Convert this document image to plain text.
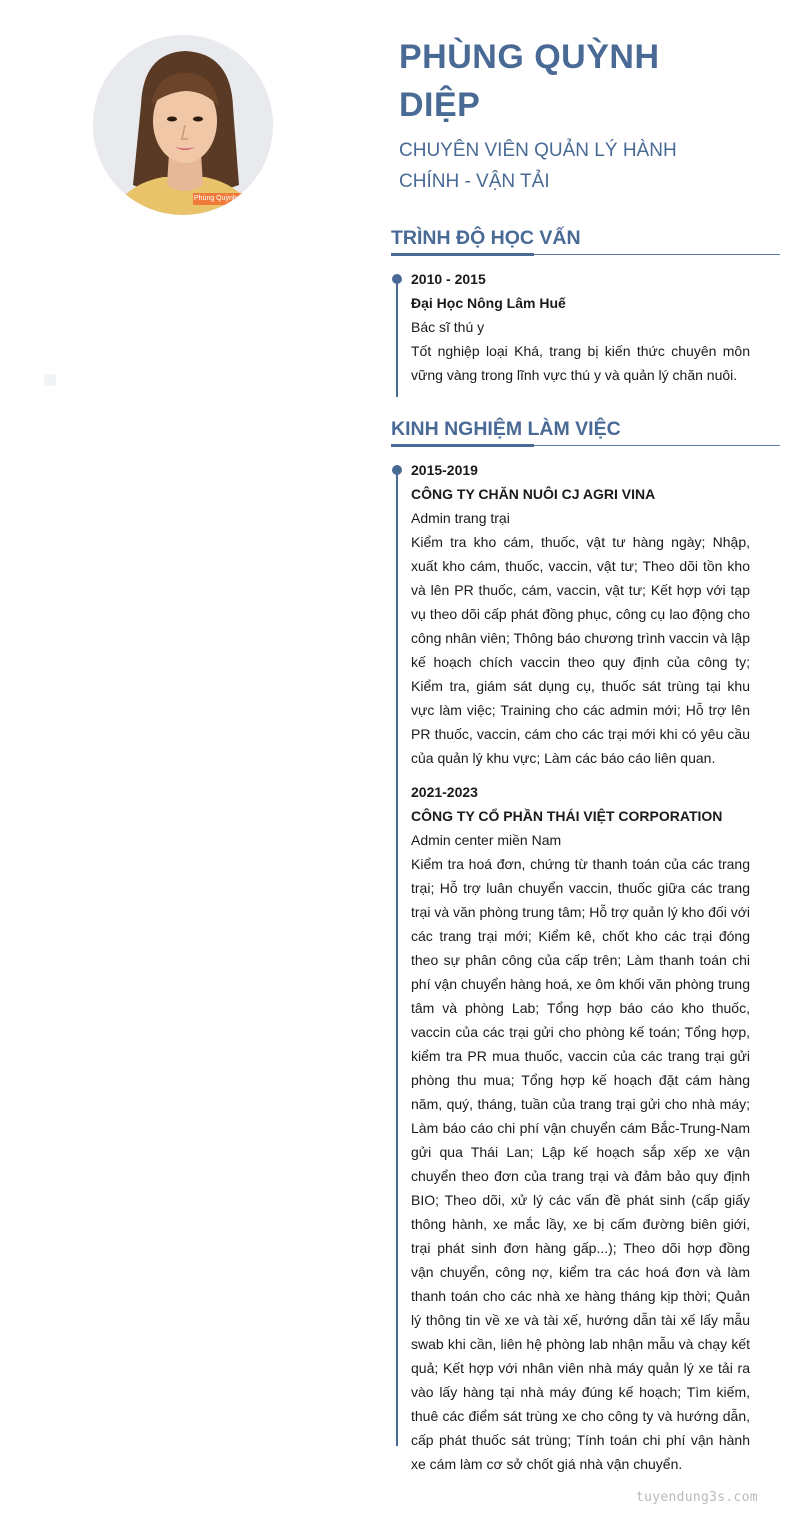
Phùng Quỳnh Diệp
PHÙNG QUỲNH DIỆP
CHUYÊN VIÊN QUẢN LÝ HÀNH CHÍNH - VẬN TẢI
TRÌNH ĐỘ HỌC VẤN
2010 - 2015
Đại Học Nông Lâm Huế
Bác sĩ thú y
Tốt nghiệp loại Khá, trang bị kiến thức chuyên môn vững vàng trong lĩnh vực thú y và quản lý chăn nuôi.
KINH NGHIỆM LÀM VIỆC
2015-2019
CÔNG TY CHĂN NUÔI CJ AGRI VINA
Admin trang trại
Kiểm tra kho cám, thuốc, vật tư hàng ngày; Nhập, xuất kho cám, thuốc, vaccin, vật tư; Theo dõi tồn kho và lên PR thuốc, cám, vaccin, vật tư; Kết hợp với tạp vụ theo dõi cấp phát đồng phục, công cụ lao động cho công nhân viên; Thông báo chương trình vaccin và lập kế hoạch chích vaccin theo quy định của công ty; Kiểm tra, giám sát dụng cụ, thuốc sát trùng tại khu vực làm việc; Training cho các admin mới; Hỗ trợ lên PR thuốc, vaccin, cám cho các trại mới khi có yêu cầu của quản lý khu vực; Làm các báo cáo liên quan.
2021-2023
CÔNG TY CỔ PHẦN THÁI VIỆT CORPORATION
Admin center miền Nam
Kiểm tra hoá đơn, chứng từ thanh toán của các trang trại; Hỗ trợ luân chuyển vaccin, thuốc giữa các trang trại và văn phòng trung tâm; Hỗ trợ quản lý kho đối với các trang trại mới; Kiểm kê, chốt kho các trại đóng theo sự phân công của cấp trên; Làm thanh toán chi phí vận chuyển hàng hoá, xe ôm khối văn phòng trung tâm và phòng Lab; Tổng hợp báo cáo kho thuốc, vaccin của các trại gửi cho phòng kế toán; Tổng hợp, kiểm tra PR mua thuốc, vaccin của các trang trại gửi phòng thu mua; Tổng hợp kế hoạch đặt cám hàng năm, quý, tháng, tuần của trang trại gửi cho nhà máy; Làm báo cáo chi phí vận chuyển cám Bắc-Trung-Nam gửi qua Thái Lan; Lập kế hoạch sắp xếp xe vận chuyển theo đơn của trang trại và đảm bảo quy định BIO; Theo dõi, xử lý các vấn đề phát sinh (cấp giấy thông hành, xe mắc lầy, xe bị cấm đường biên giới, trại phát sinh đơn hàng gấp...); Theo dõi hợp đồng vận chuyển, công nợ, kiểm tra các hoá đơn và làm thanh toán cho các nhà xe hàng tháng kịp thời; Quản lý thông tin về xe và tài xế, hướng dẫn tài xế lấy mẫu swab khi cần, liên hệ phòng lab nhận mẫu và chạy kết quả; Kết hợp với nhân viên nhà máy quản lý xe tải ra vào lấy hàng tại nhà máy đúng kế hoạch; Tìm kiếm, thuê các điểm sát trùng xe cho công ty và hướng dẫn, cấp phát thuốc sát trùng; Tính toán chi phí vận hành xe cám làm cơ sở chốt giá nhà vận chuyển.
tuyendung3s.com
